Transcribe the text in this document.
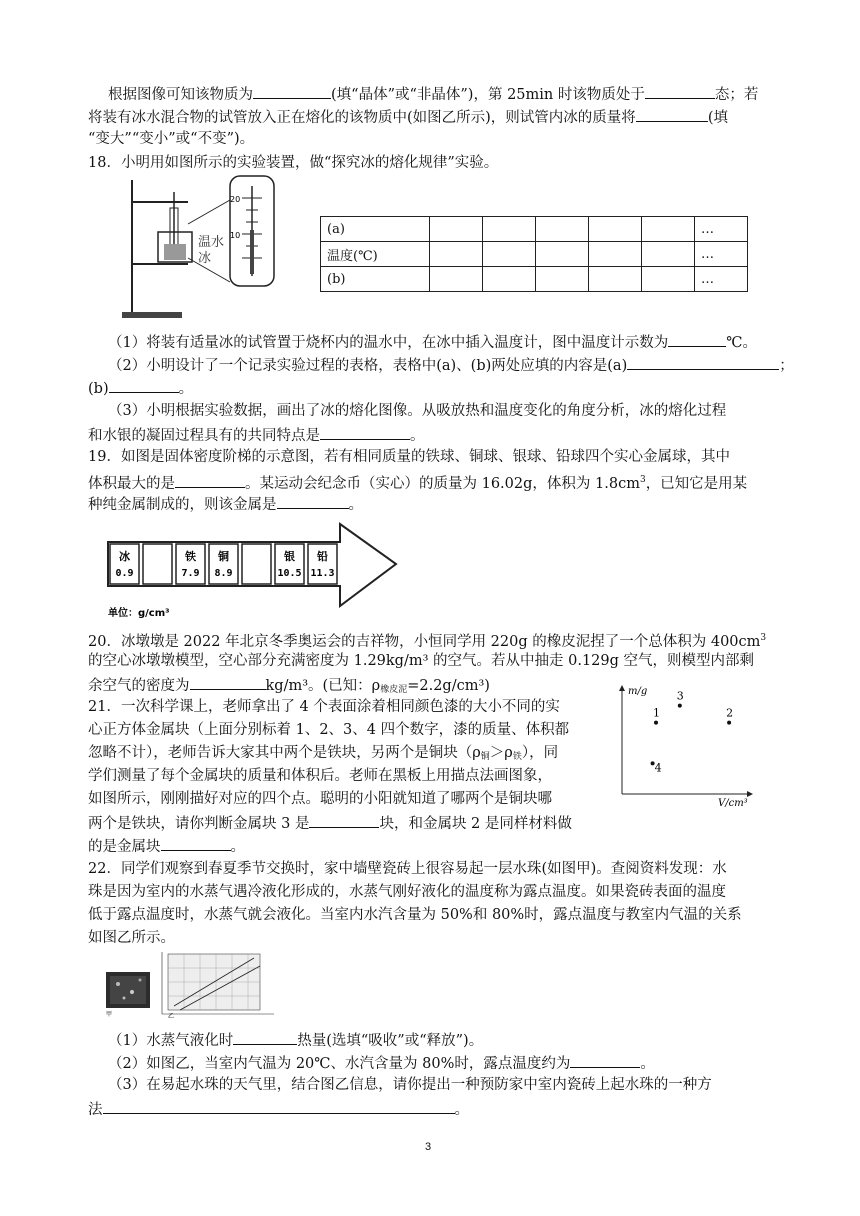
根据图像可知该物质为	(填“晶体”或“非晶体”)，第 25min 时该物质处于	态；若
将装有冰水混合物的试管放入正在熔化的该物质中(如图乙所示)，则试管内冰的质量将	(填
“变大”“变小”或“不变”)。
18．小明用如图所示的实验装置，做“探究冰的熔化规律”实验。
20
10
温水
冰
(a)						…
温度(℃)						…
(b)						…
（1）将装有适量冰的试管置于烧杯内的温水中，在冰中插入温度计，图中温度计示数为	℃。
（2）小明设计了一个记录实验过程的表格，表格中(a)、(b)两处应填的内容是(a)	；
(b)	。
（3）小明根据实验数据，画出了冰的熔化图像。从吸放热和温度变化的角度分析，冰的熔化过程
和水银的凝固过程具有的共同特点是	。
19．如图是固体密度阶梯的示意图，若有相同质量的铁球、铜球、银球、铅球四个实心金属球，其中
体积最大的是	。某运动会纪念币（实心）的质量为 16.02g，体积为 $1.8cm^3$，已知它是用某
种纯金属制成的，则该金属是	。
冰
0.9
铁
7.9
铜
8.9
银
10.5
铅
11.3
单位：g/cm³
20．冰墩墩是 2022 年北京冬季奥运会的吉祥物，小恒同学用 220g 的橡皮泥捏了一个总体积为 $400cm^3$
的空心冰墩墩模型，空心部分充满密度为 1.29kg/m³ 的空气。若从中抽走 0.129g 空气，则模型内部剩
余空气的密度为	kg/m³。(已知：$\rho_{橡皮泥}=2.2g/cm^3$)
21．一次科学课上，老师拿出了 4 个表面涂着相同颜色漆的大小不同的实
心正方体金属块（上面分别标着 1、2、3、4 四个数字，漆的质量、体积都
忽略不计），老师告诉大家其中两个是铁块，另两个是铜块$(\rho_铜>\rho_铁)$，同
学们测量了每个金属块的质量和体积后。老师在黑板上用描点法画图象，
如图所示，刚刚描好对应的四个点。聪明的小阳就知道了哪两个是铜块哪
两个是铁块，请你判断金属块 3 是	块，和金属块 2 是同样材料做
的是金属块	。
m/g
V/cm³
1	2
3
4
22．同学们观察到春夏季节交换时，家中墙壁瓷砖上很容易起一层水珠(如图甲)。查阅资料发现：水
珠是因为室内的水蒸气遇冷液化形成的，水蒸气刚好液化的温度称为露点温度。如果瓷砖表面的温度
低于露点温度时，水蒸气就会液化。当室内水汽含量为 50%和 80%时，露点温度与教室内气温的关系
如图乙所示。
甲	乙
（1）水蒸气液化时	热量(选填“吸收”或“释放”)。
（2）如图乙，当室内气温为 20℃、水汽含量为 80%时，露点温度约为	。
（3）在易起水珠的天气里，结合图乙信息，请你提出一种预防家中室内瓷砖上起水珠的一种方
法	。
3
